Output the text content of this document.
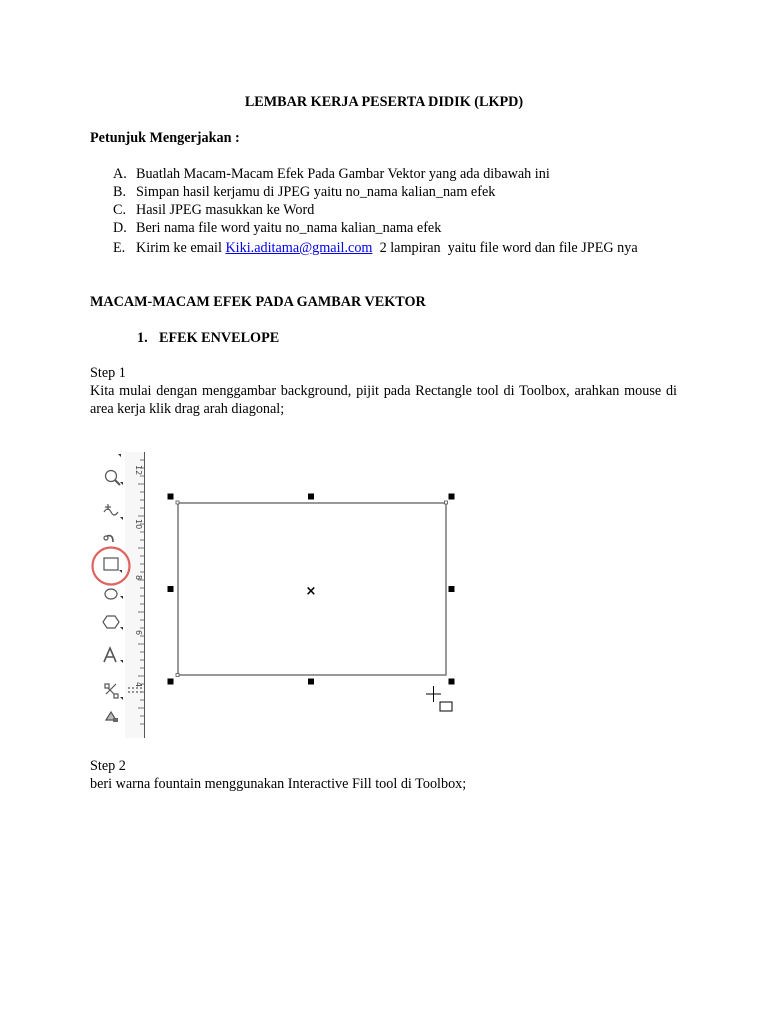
LEMBAR KERJA PESERTA DIDIK (LKPD)
Petunjuk Mengerjakan :
A. Buatlah Macam-Macam Efek Pada Gambar Vektor yang ada dibawah ini
B. Simpan hasil kerjamu di JPEG yaitu no_nama kalian_nam efek
C. Hasil JPEG masukkan ke Word
D. Beri nama file word yaitu no_nama kalian_nama efek
E. Kirim ke email Kiki.aditama@gmail.com  2 lampiran  yaitu file word dan file JPEG nya
MACAM-MACAM EFEK PADA GAMBAR VEKTOR
1. EFEK ENVELOPE
Step 1
Kita mulai dengan menggambar background, pijit pada Rectangle tool di Toolbox, arahkan mouse di area kerja klik drag arah diagonal;
12
10
8
6
4
×
Step 2
beri warna fountain menggunakan Interactive Fill tool di Toolbox;
